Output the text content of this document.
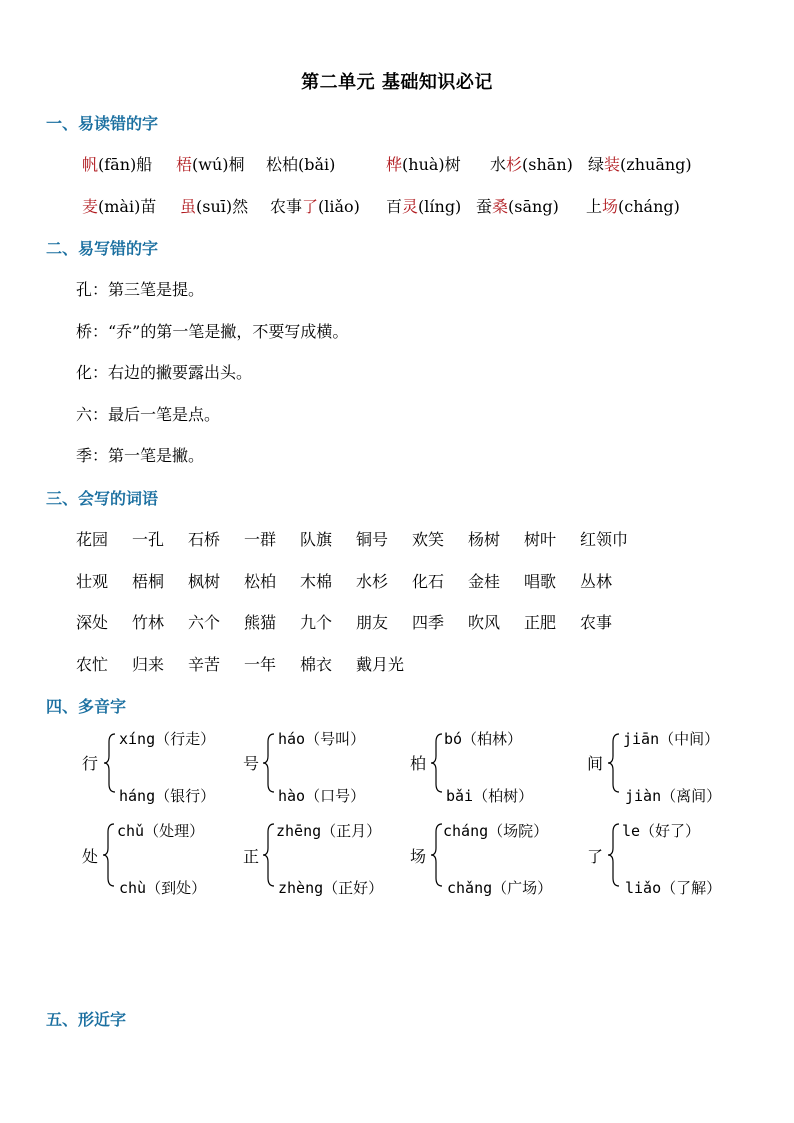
第二单元 基础知识必记
一、易读错的字
帆(fān)船 梧(wú)桐 松柏(bǎi)	桦(huà)树 水杉(shān) 绿装(zhuāng)
麦(mài)苗 虽(suī)然 农事了(liǎo) 百灵(líng) 蚕桑(sāng) 上场(cháng)
二、易写错的字
孔：第三笔是提。
桥：“乔”的第一笔是撇，不要写成横。
化：右边的撇要露出头。
六：最后一笔是点。
季：第一笔是撇。
三、会写的词语
花园 一孔 石桥 一群 队旗 铜号 欢笑 杨树 树叶 红领巾
壮观 梧桐 枫树 松柏 木棉 水杉 化石 金桂 唱歌 丛林
深处 竹林 六个 熊猫 九个 朋友 四季 吹风 正肥 农事
农忙 归来 辛苦 一年 棉衣 戴月光
四、多音字
行
xíng（行走）
háng（银行）
号
háo（号叫）
hào（口号）
柏
bó（柏林）
bǎi（柏树）
间
jiān（中间）
jiàn（离间）
处
chǔ（处理）
chù（到处）
正
zhēng（正月）
zhèng（正好）
场
cháng（场院）
chǎng（广场）
了
le（好了）
liǎo（了解）
五、形近字
